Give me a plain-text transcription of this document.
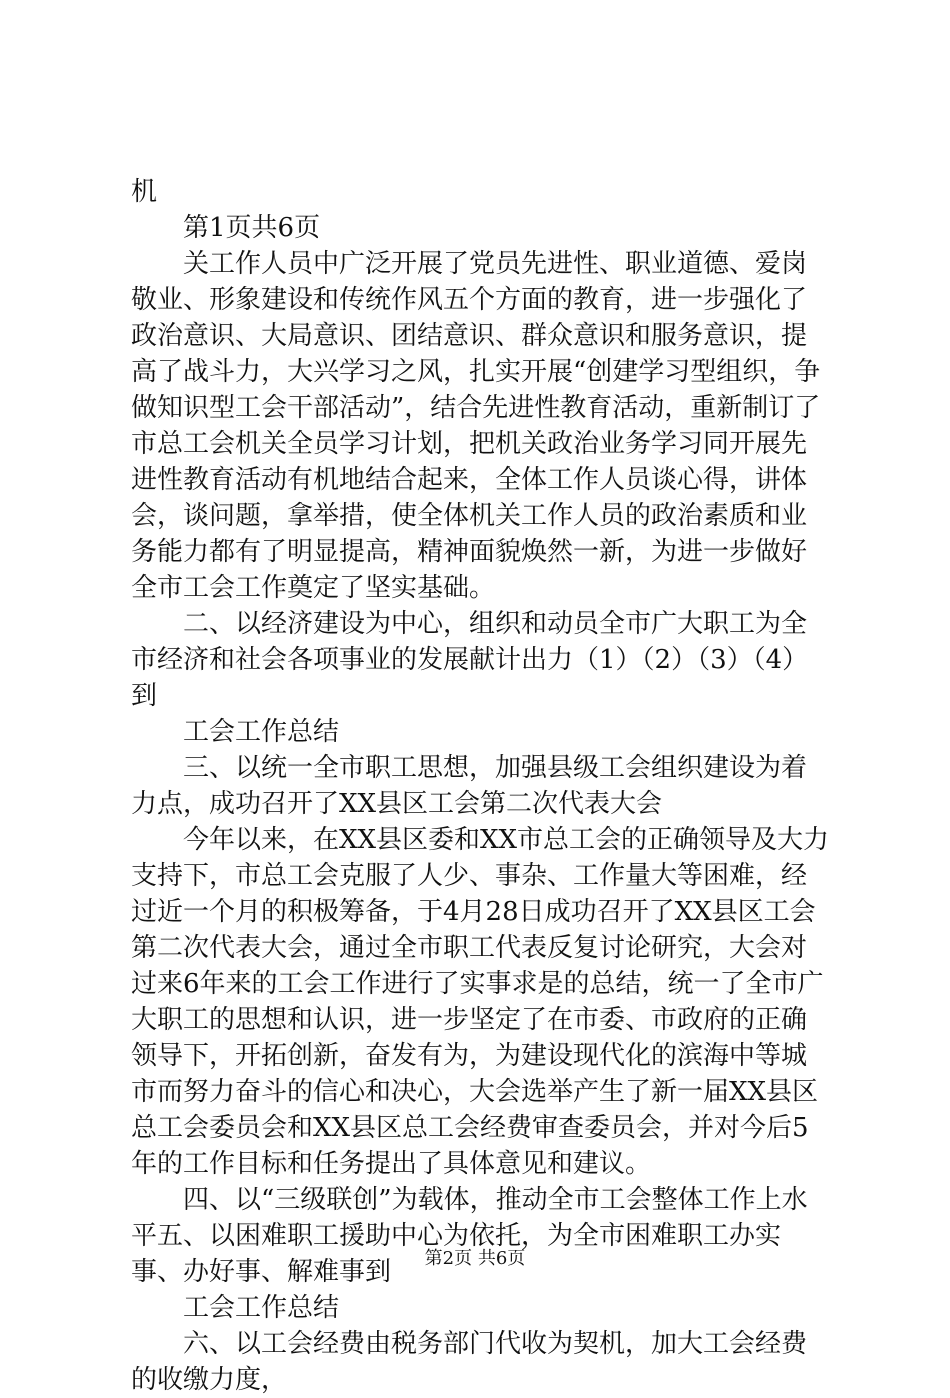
机

第1页共6页

关工作人员中广泛开展了党员先进性、职业道德、爱岗敬业、形象建设和传统作风五个方面的教育，进一步强化了政治意识、大局意识、团结意识、群众意识和服务意识，提高了战斗力，大兴学习之风，扎实开展“创建学习型组织，争做知识型工会干部活动”，结合先进性教育活动，重新制订了市总工会机关全员学习计划，把机关政治业务学习同开展先进性教育活动有机地结合起来，全体工作人员谈心得，讲体会，谈问题，拿举措，使全体机关工作人员的政治素质和业务能力都有了明显提高，精神面貌焕然一新，为进一步做好全市工会工作奠定了坚实基础。

二、以经济建设为中心，组织和动员全市广大职工为全市经济和社会各项事业的发展献计出力（1）（2）（3）（4）到

工会工作总结

三、以统一全市职工思想，加强县级工会组织建设为着力点，成功召开了XX县区工会第二次代表大会

今年以来，在XX县区委和XX市总工会的正确领导及大力支持下，市总工会克服了人少、事杂、工作量大等困难，经过近一个月的积极筹备，于4月28日成功召开了XX县区工会第二次代表大会，通过全市职工代表反复讨论研究，大会对过来6年来的工会工作进行了实事求是的总结，统一了全市广大职工的思想和认识，进一步坚定了在市委、市政府的正确领导下，开拓创新，奋发有为，为建设现代化的滨海中等城市而努力奋斗的信心和决心，大会选举产生了新一届XX县区总工会委员会和XX县区总工会经费审查委员会，并对今后5年的工作目标和任务提出了具体意见和建议。

四、以“三级联创”为载体，推动全市工会整体工作上水平五、以困难职工援助中心为依托，为全市困难职工办实事、办好事、解难事到

工会工作总结

六、以工会经费由税务部门代收为契机，加大工会经费的收缴力度，

第2页 共6页
